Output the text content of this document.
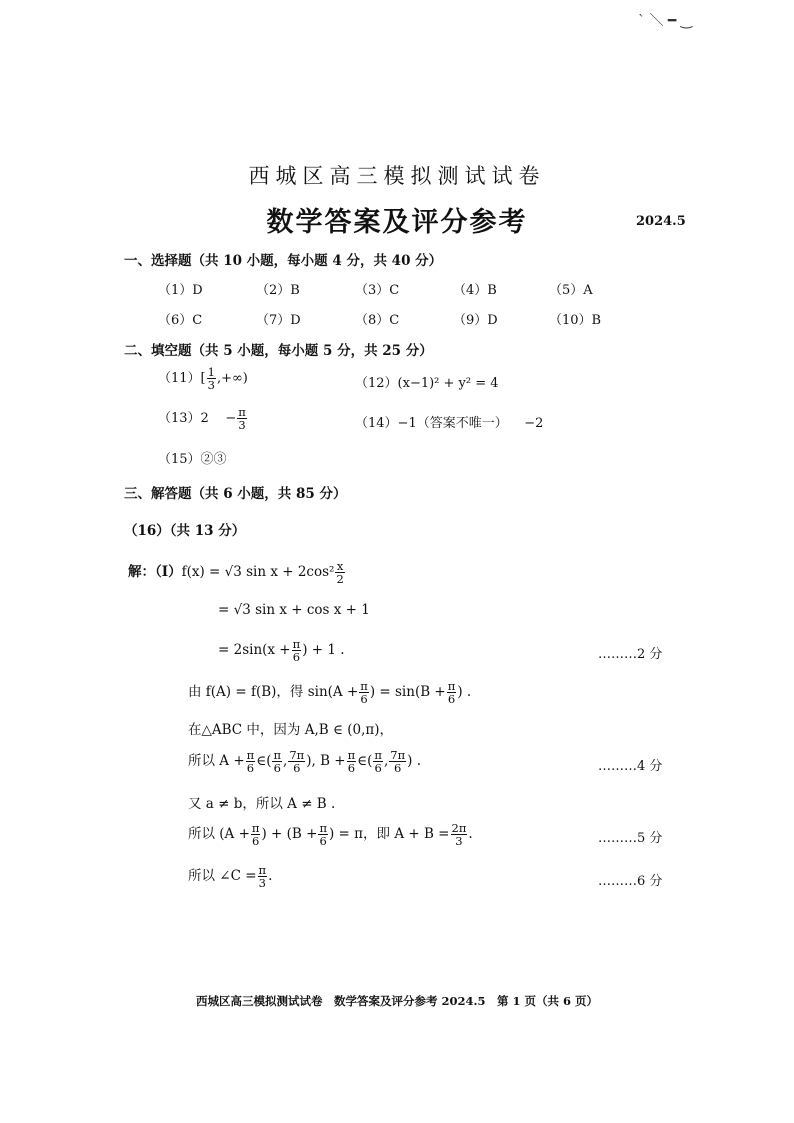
ˋ ＼ ━ ‿
西城区高三模拟测试试卷
数学答案及评分参考	2024.5
一、选择题（共 10 小题，每小题 4 分，共 40 分）
（1）D	（2）B	（3）C	（4）B	（5）A
（6）C	（7）D	（8）C	（9）D	（10）B
二、填空题（共 5 小题，每小题 5 分，共 25 分）
$(11)[ \frac{1}{3}$ ,+∞)	（12）(x−1)² + y² = 4
$(13)2 - \frac{\pi}{3}$	（14）−1（答案不唯一） −2
（15）②③
三、解答题（共 6 小题，共 85 分）
（16）（共 13 分）
解：（Ⅰ）f(x) = √3 $\sin x + 2\cos^2 \frac{x}{2}$
= √3 sin x + cos x + 1
= $2\sin(x + \frac{\pi}{6}$ ) + 1 .	………2 分
由 f(A) = f(B)，得 $\sin(A + \frac{\pi}{6}$ ) = $\sin(B + \frac{\pi}{6}$ ) .
在△ABC 中，因为 A,B ∈ (0,π)，
所以 $A + \frac{\pi}{6}$ ∈( $\frac{\pi}{6}$ , $\frac{7\pi}{6}$ ), $B + \frac{\pi}{6}$ ∈( $\frac{\pi}{6}$ , $\frac{7\pi}{6}$ ) .	………4 分
又 a ≠ b，所以 A ≠ B .
所以 ($A + \frac{\pi}{6}$ ) + ($B + \frac{\pi}{6}$ ) = π，即 $A + B = \frac{2\pi}{3}$ .	………5 分
所以 ∠C = $\frac{\pi}{3}$ .	………6 分
西城区高三模拟测试试卷　数学答案及评分参考 2024.5　第 1 页（共 6 页）
